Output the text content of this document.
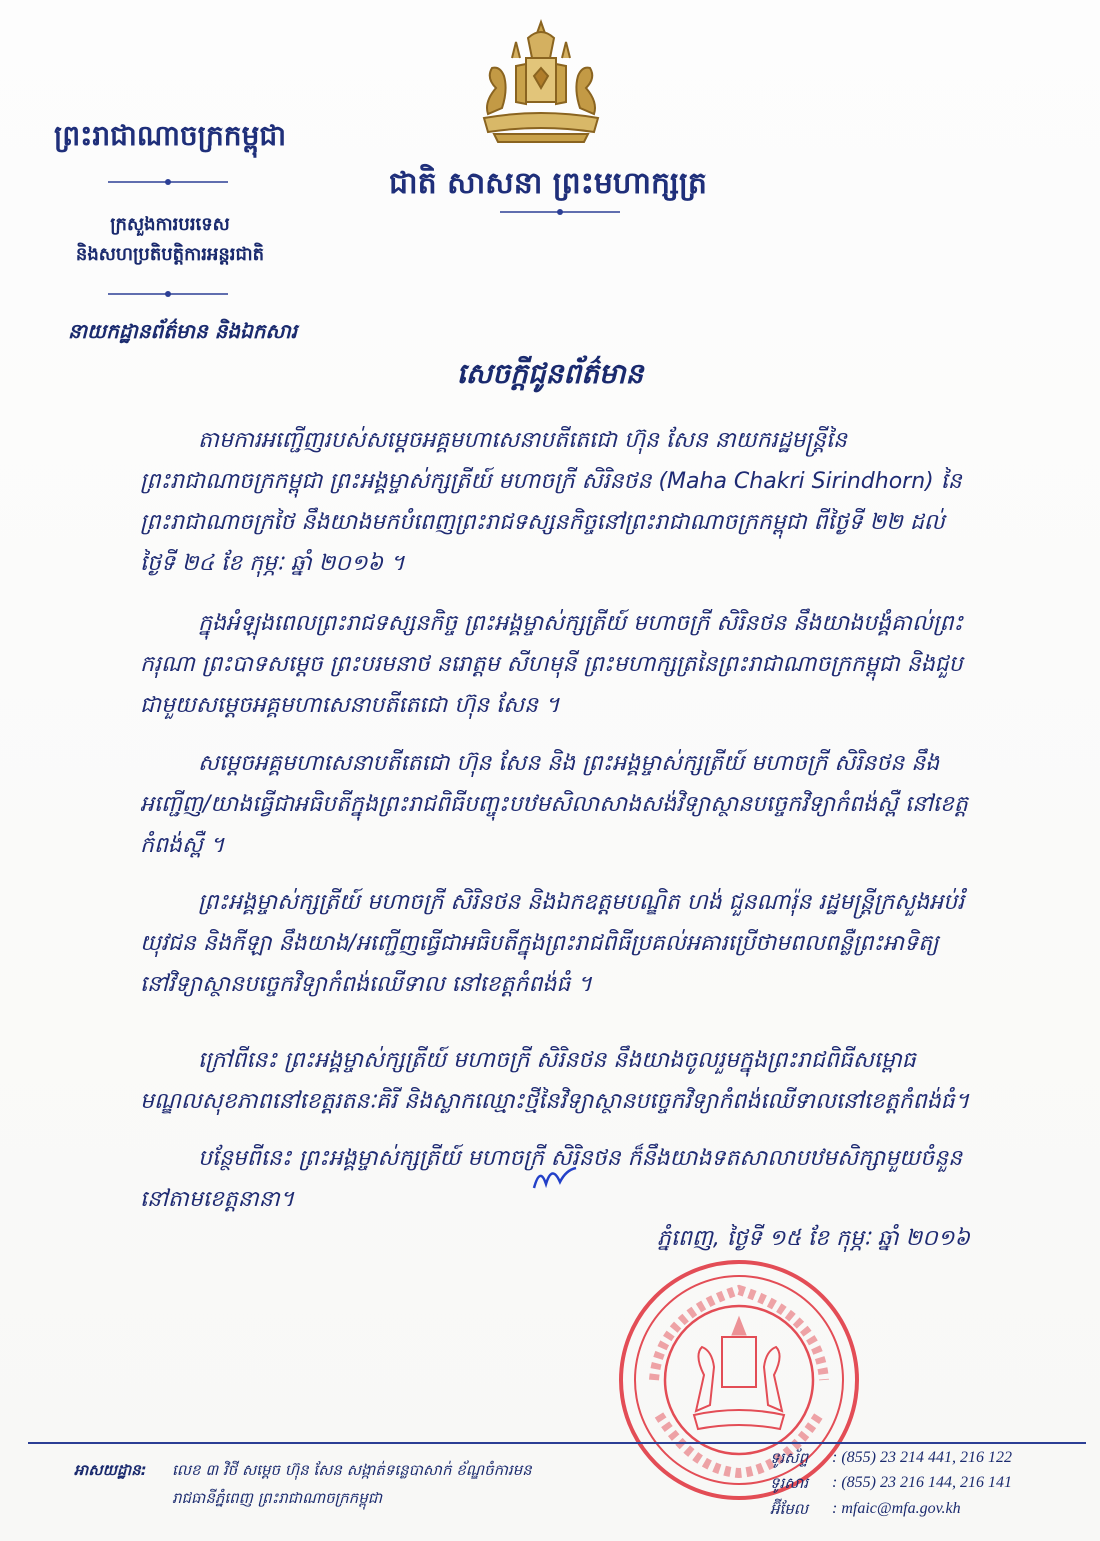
ជាតិ សាសនា ព្រះមហាក្សត្រ
ព្រះរាជាណាចក្រកម្ពុជា
ក្រសួងការបរទេស
និងសហប្រតិបត្តិការអន្តរជាតិ
នាយកដ្ឋានព័ត៌មាន និងឯកសារ
សេចក្តីជូនព័ត៌មាន
តាមការអញ្ជើញរបស់សម្តេចអគ្គមហាសេនាបតីតេជោ ហ៊ុន សែន នាយករដ្ឋមន្ត្រីនៃព្រះរាជាណាចក្រកម្ពុជា ព្រះអង្គម្ចាស់ក្សត្រីយ៍ មហាចក្រី សិរិនថន (Maha Chakri Sirindhorn) នៃព្រះរាជាណាចក្រថៃ នឹងយាងមកបំពេញព្រះរាជទស្សនកិច្ចនៅព្រះរាជាណាចក្រកម្ពុជា ពីថ្ងៃទី ២២ ដល់ថ្ងៃទី ២៤ ខែ កុម្ភៈ ឆ្នាំ ២០១៦ ។
ក្នុងអំឡុងពេលព្រះរាជទស្សនកិច្ច ព្រះអង្គម្ចាស់ក្សត្រីយ៍ មហាចក្រី សិរិនថន នឹងយាងបង្គំគាល់ព្រះករុណា ព្រះបាទសម្តេច ព្រះបរមនាថ នរោត្តម សីហមុនី ព្រះមហាក្សត្រនៃព្រះរាជាណាចក្រកម្ពុជា និងជួបជាមួយសម្តេចអគ្គមហាសេនាបតីតេជោ ហ៊ុន សែន ។
សម្តេចអគ្គមហាសេនាបតីតេជោ ហ៊ុន សែន និង ព្រះអង្គម្ចាស់ក្សត្រីយ៍ មហាចក្រី សិរិនថន នឹងអញ្ជើញ/យាងធ្វើជាអធិបតីក្នុងព្រះរាជពិធីបញ្ចុះបឋមសិលាសាងសង់វិទ្យាស្ថានបច្ចេកវិទ្យាកំពង់ស្ពឺ នៅខេត្តកំពង់ស្ពឺ ។
ព្រះអង្គម្ចាស់ក្សត្រីយ៍ មហាចក្រី សិរិនថន និងឯកឧត្តមបណ្ឌិត ហង់ ជួនណារ៉ុន រដ្ឋមន្ត្រីក្រសួងអប់រំ យុវជន និងកីឡា នឹងយាង/អញ្ជើញធ្វើជាអធិបតីក្នុងព្រះរាជពិធីប្រគល់អគារប្រើថាមពលពន្លឺព្រះអាទិត្យ នៅវិទ្យាស្ថានបច្ចេកវិទ្យាកំពង់ឈើទាល នៅខេត្តកំពង់ធំ ។
ក្រៅពីនេះ ព្រះអង្គម្ចាស់ក្សត្រីយ៍ មហាចក្រី សិរិនថន នឹងយាងចូលរួមក្នុងព្រះរាជពិធីសម្ពោធមណ្ឌលសុខភាពនៅខេត្តរតនៈគិរី និងស្លាកឈ្មោះថ្មីនៃវិទ្យាស្ថានបច្ចេកវិទ្យាកំពង់ឈើទាលនៅខេត្តកំពង់ធំ។
បន្ថែមពីនេះ ព្រះអង្គម្ចាស់ក្សត្រីយ៍ មហាចក្រី សិរិនថន ក៏នឹងយាងទតសាលាបឋមសិក្សាមួយចំនួននៅតាមខេត្តនានា។
ភ្នំពេញ, ថ្ងៃទី ១៥ ខែ កុម្ភៈ ឆ្នាំ ២០១៦
អាសយដ្ឋាន: លេខ ៣ វិថី សម្តេច ហ៊ុន សែន សង្កាត់ទន្លេបាសាក់ ខ័ណ្ឌចំការមន
រាជធានីភ្នំពេញ ព្រះរាជាណាចក្រកម្ពុជា
ទូរស័ព្ទ : (855) 23 214 441, 216 122
ទូរសារ : (855) 23 216 144, 216 141
អ៊ីមែល : mfaic@mfa.gov.kh
